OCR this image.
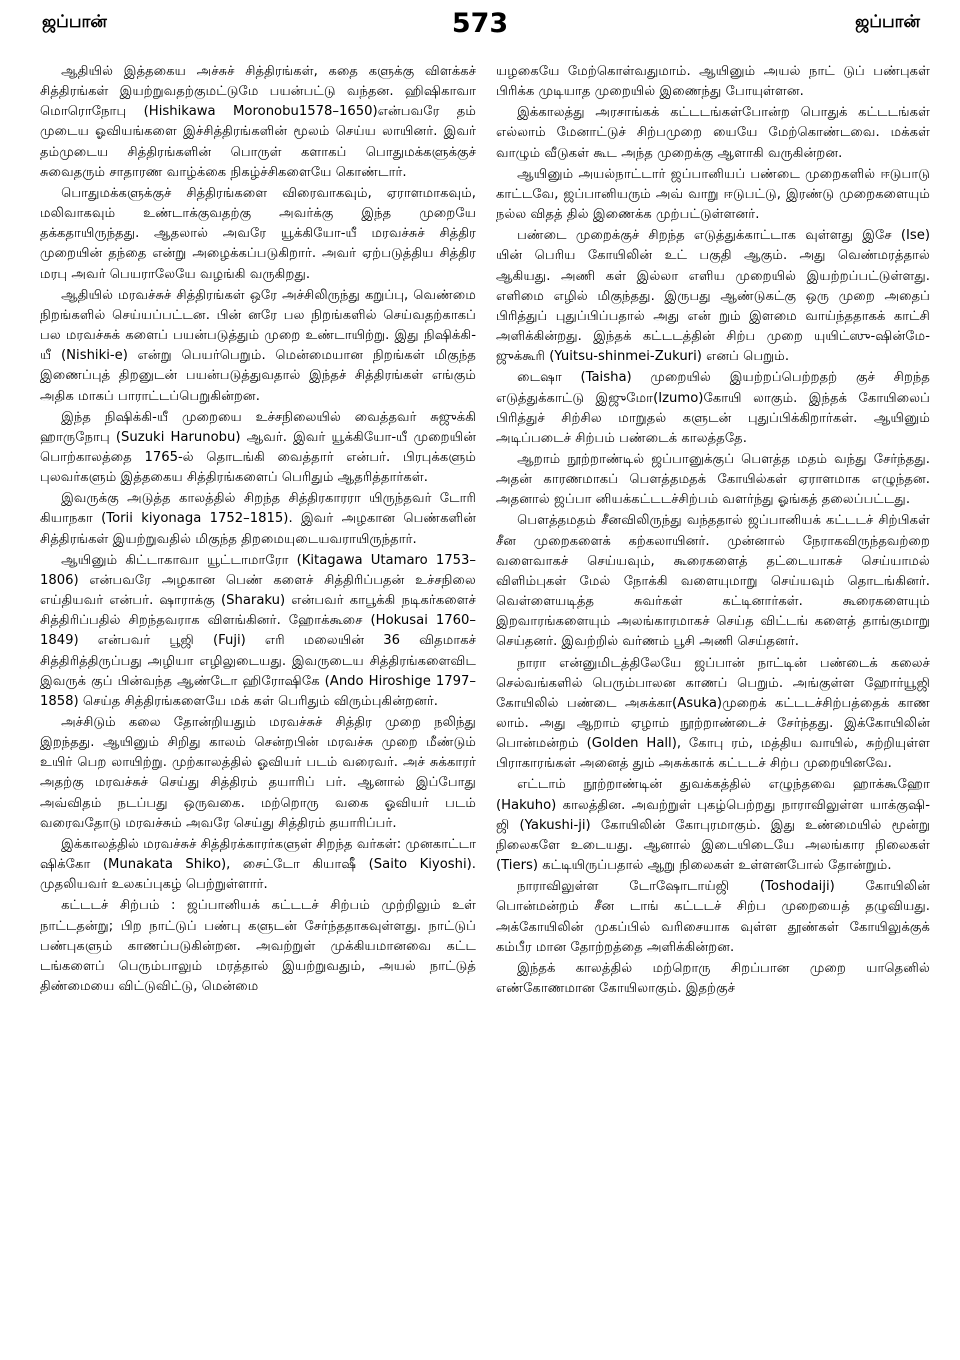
ஜப்பான்	573	ஜப்பான்

ஆதியில் இத்தகைய அச்சுச் சித்திரங்கள், கதை களுக்கு விளக்கச் சித்திரங்கள் இயற்றுவதற்குமட்டுமே பயன்பட்டு வந்தன. ஹிஷிகாவா மொரொநோபு (Hishikawa Moronobu1578–1650)என்பவரே தம் முடைய ஓவியங்களை இச்சித்திரங்களின் மூலம் செய்ய லாயினர். இவர் தம்முடைய சித்திரங்களின் பொருள் களாகப் பொதுமக்களுக்குச் சுவைதரும் சாதாரண வாழ்க்கை நிகழ்ச்சிகளையே கொண்டார்.

பொதுமக்களுக்குச் சித்திரங்களை விரைவாகவும், ஏராளமாகவும், மலிவாகவும் உண்டாக்குவதற்கு அவர்க்கு இந்த முறையே தக்கதாயிருந்தது. ஆதலால் அவரே யூக்கியோ-யீ மரவச்சுச் சித்திர முறையின் தந்தை என்று அழைக்கப்படுகிறார். அவர் ஏற்படுத்திய சித்திர மரபு அவர் பெயராலேயே வழங்கி வருகிறது.

ஆதியில் மரவச்சுச் சித்திரங்கள் ஒரே அச்சிலிருந்து கறுப்பு, வெண்மை நிறங்களில் செய்யப்பட்டன. பின் னரே பல நிறங்களில் செய்வதற்காகப் பல மரவச்சுக் களைப் பயன்படுத்தும் முறை உண்டாயிற்று. இது நிஷிக்கி-யீ (Nishiki-e) என்று பெயர்பெறும். மென்மையான நிறங்கள் மிகுந்த இணைப்புத் திறனுடன் பயன்படுத்துவதால் இந்தச் சித்திரங்கள் எங்கும் அதிக மாகப் பாராட்டப்பெறுகின்றன.

இந்த நிஷிக்கி-யீ முறையை உச்சநிலையில் வைத்தவர் சுஜுக்கி ஹாருநோபு (Suzuki Harunobu) ஆவர். இவர் யூக்கியோ-யீ முறையின் பொற்காலத்தை 1765-ல் தொடங்கி வைத்தார் என்பர். பிரபுக்களும் புலவர்களும் இத்தகைய சித்திரங்களைப் பெரிதும் ஆதரித்தார்கள்.

இவருக்கு அடுத்த காலத்தில் சிறந்த சித்திரகாரரா யிருந்தவர் டோரி கியாநகா (Torii kiyonaga 1752–1815). இவர் அழகான பெண்களின் சித்திரங்கள் இயற்றுவதில் மிகுந்த திறமையுடையவராயிருந்தார்.

ஆயினும் கிட்டாகாவா யூட்டாமாரோ (Kitagawa Utamaro 1753–1806) என்பவரே அழகான பெண் களைச் சித்திரிப்பதன் உச்சநிலை எய்தியவர் என்பர். ஷாராக்கு (Sharaku) என்பவர் காபூக்கி நடிகர்களைச் சித்திரிப்பதில் சிறந்தவராக விளங்கினர். ஹோக்கூசை (Hokusai 1760–1849) என்பவர் பூஜி (Fuji) எரி மலையின் 36 விதமாகச் சித்திரித்திருப்பது அழியா எழிலுடையது. இவருடைய சித்திரங்களைவிட இவருக் குப் பின்வந்த ஆண்டோ ஹிரோஷிகே (Ando Hiroshige 1797–1858) செய்த சித்திரங்களையே மக் கள் பெரிதும் விரும்புகின்றனர்.

அச்சிடும் கலை தோன்றியதும் மரவச்சுச் சித்திர முறை நலிந்து இறந்தது. ஆயினும் சிறிது காலம் சென்றபின் மரவச்சு முறை மீண்டும் உயிர் பெற லாயிற்று. முற்காலத்தில் ஓவியர் படம் வரைவர். அச் சுக்காரர் அதற்கு மரவச்சுச் செய்து சித்திரம் தயாரிப் பர். ஆனால் இப்போது அவ்விதம் நடப்பது ஒருவகை. மற்றொரு வகை ஓவியர் படம் வரைவதோடு மரவச்சும் அவரே செய்து சித்திரம் தயாரிப்பர்.

இக்காலத்தில் மரவச்சுச் சித்திரக்காரர்களுள் சிறந்த வர்கள்: முனகாட்டா ஷிக்கோ (Munakata Shiko), சைட்டோ கியாஷீ (Saito Kiyoshi). முதலியவர் உலகப்புகழ் பெற்றுள்ளார்.

கட்டடச் சிற்பம் : ஜப்பானியக் கட்டடச் சிற்பம் முற்றிலும் உள் நாட்டதன்று; பிற நாட்டுப் பண்பு களுடன் சேர்ந்ததாகவுள்ளது. நாட்டுப் பண்புகளும் காணப்படுகின்றன. அவற்றுள் முக்கியமானவை கட்ட டங்களைப் பெரும்பாலும் மரத்தால் இயற்றுவதும், அயல் நாட்டுத் திண்மையை விட்டுவிட்டு, மென்மை

யழகையே மேற்கொள்வதுமாம். ஆயினும் அயல் நாட் டுப் பண்புகள் பிரிக்க முடியாத முறையில் இணைந்து போயுள்ளன.

இக்காலத்து அரசாங்கக் கட்டடங்கள்போன்ற பொதுக் கட்டடங்கள் எல்லாம் மேனாட்டுச் சிற்பமுறை யையே மேற்கொண்டவை. மக்கள் வாழும் வீடுகள் கூட அந்த முறைக்கு ஆளாகி வருகின்றன.

ஆயினும் அயல்நாட்டார் ஜப்பானியப் பண்டை முறைகளில் ஈடுபாடு காட்டவே, ஜப்பானியரும் அவ் வாறு ஈடுபட்டு, இரண்டு முறைகளையும் நல்ல விதத் தில் இணைக்க முற்பட்டுள்ளனர்.

பண்டை முறைக்குச் சிறந்த எடுத்துக்காட்டாக வுள்ளது இசே (Ise) யின் பெரிய கோயிலின் உட் பகுதி ஆகும். அது வெண்மரத்தால் ஆகியது. அணி கள் இல்லா எளிய முறையில் இயற்றப்பட்டுள்ளது. எளிமை எழில் மிகுந்தது. இருபது ஆண்டுகட்கு ஒரு முறை அதைப் பிரித்துப் புதுப்பிப்பதால் அது என் றும் இளமை வாய்ந்ததாகக் காட்சி அளிக்கின்றது. இந்தக் கட்டடத்தின் சிற்ப முறை யுயிட்ஸு-ஷின்மே- ஜுக்கூரி (Yuitsu-shinmei-Zukuri) எனப் பெறும்.

டைஷா (Taisha) முறையில் இயற்றப்பெற்றதற் குச் சிறந்த எடுத்துக்காட்டு இஜுமோ(Izumo)கோயி லாகும். இந்தக் கோயிலைப் பிரித்துச் சிற்சில மாறுதல் களுடன் புதுப்பிக்கிறார்கள். ஆயினும் அடிப்படைச் சிற்பம் பண்டைக் காலத்ததே.

ஆறாம் நூற்றாண்டில் ஜப்பானுக்குப் பௌத்த மதம் வந்து சேர்ந்தது. அதன் காரணமாகப் பௌத்தமதக் கோயில்கள் ஏராளமாக எழுந்தன. அதனால் ஜப்பா னியக்கட்டடச்சிற்பம் வளர்ந்து ஓங்கத் தலைப்பட்டது.

பௌத்தமதம் சீனவிலிருந்து வந்ததால் ஜப்பானியக் கட்டடச் சிற்பிகள் சீன முறைகளைக் கற்கலாயினர். முன்னால் நேராகவிருந்தவற்றை வளைவாகச் செய்யவும், கூரைகளைத் தட்டையாகச் செய்யாமல் விளிம்புகள் மேல் நோக்கி வளையுமாறு செய்யவும் தொடங்கினர். வெள்ளையடித்த சுவர்கள் கட்டினார்கள். கூரைகளையும் இறவாரங்களையும் அலங்காரமாகச் செய்த விட்டங் களைத் தாங்குமாறு செய்தனர். இவற்றில் வர்ணம் பூசி அணி செய்தனர்.

நாரா என்னுமிடத்திலேயே ஜப்பான் நாட்டின் பண்டைக் கலைச் செல்வங்களில் பெரும்பாலன காணப் பெறும். அங்குள்ள ஹோர்யூஜி கோயிலில் பண்டை அசுக்கா(Asuka)முறைக் கட்டடச்சிற்பத்தைக் காண லாம். அது ஆறாம் ஏழாம் நூற்றாண்டைச் சேர்ந்தது. இக்கோயிலின் பொன்மன்றம் (Golden Hall), கோபு ரம், மத்திய வாயில், சுற்றியுள்ள பிராகாரங்கள் அனைத் தும் அசுக்காக் கட்டடச் சிற்ப முறையினவே.

எட்டாம் நூற்றாண்டின் துவக்கத்தில் எழுந்தவை ஹாக்கூஹோ (Hakuho) காலத்தின. அவற்றுள் புகழ்பெற்றது நாராவிலுள்ள யாக்குஷி-ஜி (Yakushi-ji) கோயிலின் கோபுரமாகும். இது உண்மையில் மூன்று நிலைகளே உடையது. ஆனால் இடையிடையே அலங்கார நிலைகள் (Tiers) கட்டியிருப்பதால் ஆறு நிலைகள் உள்ளனபோல் தோன்றும்.

நாராவிலுள்ள டோஷோடாய்ஜி (Toshodaiji) கோயிலின் பொன்மன்றம் சீன டாங் கட்டடச் சிற்ப முறையைத் தழுவியது. அக்கோயிலின் முகப்பில் வரிசையாக வுள்ள தூண்கள் கோயிலுக்குக் கம்பீர மான தோற்றத்தை அளிக்கின்றன.

இந்தக் காலத்தில் மற்றொரு சிறப்பான முறை யாதெனில் எண்கோணமான கோயிலாகும். இதற்குச்
